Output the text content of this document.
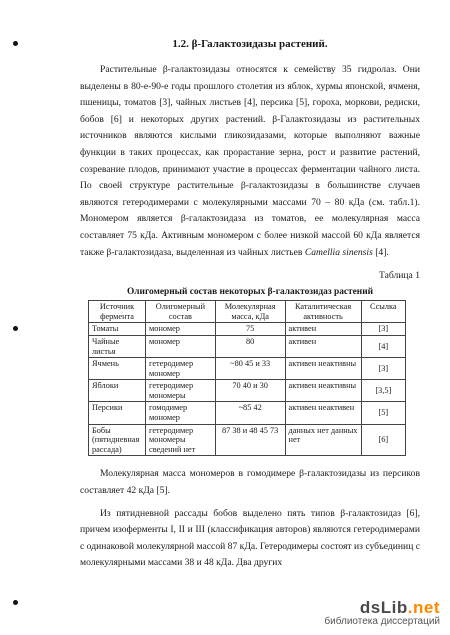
1.2. β-Галактозидазы растений.

Растительные β-галактозидазы относятся к семейству 35 гидролаз. Они выделены в 80-е-90-е годы прошлого столетия из яблок, хурмы японской, ячменя, пшеницы, томатов [3], чайных листьев [4], персика [5], гороха, моркови, редиски, бобов [6] и некоторых других растений. β-Галактозидазы из растительных источников являются кислыми гликозидазами, которые выполняют важные функции в таких процессах, как прорастание зерна, рост и развитие растений, созревание плодов, принимают участие в процессах ферментации чайного листа. По своей структуре растительные β-галактозидазы в большинстве случаев являются гетеродимерами с молекулярными массами 70 – 80 кДа (см. табл.1). Мономером является β-галактозидаза из томатов, ее молекулярная масса составляет 75 кДа. Активным мономером с более низкой массой 60 кДа является также β-галактозидаза, выделенная из чайных листьев Camellia sinensis [4].

Таблица 1
Олигомерный состав некоторых β-галактозидаз растений
Источник фермента	Олигомерный состав	Молекулярная масса, кДа	Каталитическая активность	Ссылка
Томаты	мономер	75	активен	[3]
Чайные листья	мономер	80	активен	[4]
Ячмень	гетеродимер мономер	~80 45 и 33	активен неактивны	[3]
Яблоки	гетеродимер мономеры	70 40 и 30	активен неактивны	[3,5]
Персики	гомодимер мономер	~85 42	активен неактивен	[5]
Бобы (пятидневная рассада)	гетеродимер мономеры сведений нет	87 38 и 48 45 73	данных нет данных нет	[6]

Молекулярная масса мономеров в гомодимере β-галактозидазы из персиков составляет 42 кДа [5].

Из пятидневной рассады бобов выделено пять типов β-галактозидаз [6], причем изоферменты I, II и III (классификация авторов) являются гетеродимерами с одинаковой молекулярной массой 87 кДа. Гетеродимеры состоят из субъединиц с молекулярными массами 38 и 48 кДа. Два других

dsLib.net
библиотека диссертаций
